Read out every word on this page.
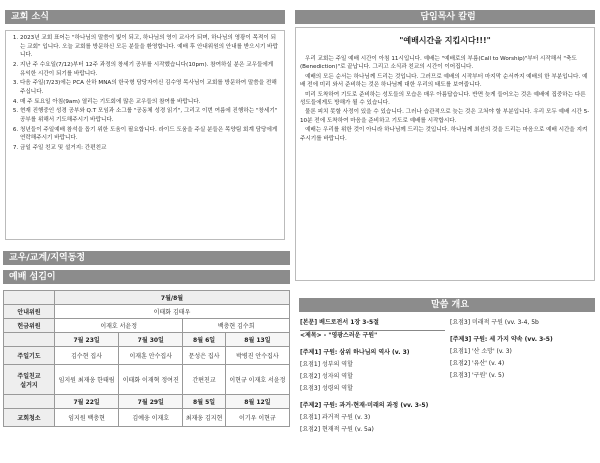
교회 소식
1. 2023년 교회 표어는 "하나님의 말씀이 빛이 되고, 하나님의 영이 교사가 되며, 하나님의 영광이 목적이 되는 교회" 입니다. 오늘 교회를 방문하신 모든 분들을 환영합니다. 예배 후 안내위원의 안내를 받으시기 바랍니다.
2. 지난 주 수요일(7/12)부터 12주 과정의 창세기 공부를 시작했습니다(10pm). 참여하실 분은 교우들에게 유익한 시간이 되기를 바랍니다.
3. 다음 주일(7/23)에는 PCA 산하 MNA의 한국형 담당자이신 김수영 목사님이 교회를 방문하여 말씀을 전해주십니다.
4. 매 주 토요일 아침(9am) 열리는 기도회에 많은 교우들의 참여를 바랍니다.
5. 현재 진행중인 성경 공부와 Q.T 모임과 소그룹 "공동체 성경 읽기", 그리고 이번 여름에 진행하는 "창세기" 공부를 위해서 기도해주시기 바랍니다.
6. 청년들이 주일예배 참석을 돕기 위한 도움이 필요합니다. 라이드 도움을 주실 분들은 목양팀 회계 담당에게 연락해주시기 바랍니다.
7. 금일 주일 친교 및 설거지: 간편친교
담임목사 칼럼
"예배시간을 지킵시다!!!"

우리 교회는 주일 예배 시간이 아침 11시입니다. 예배는 "예배로의 부름(Call to Worship)"부터 시작해서 "축도(Benediction)"로 끝납니다. 그리고 소식과 친교의 시간이 이어집니다.

예배의 모든 순서는 하나님께 드리는 것입니다. 그러므로 예배의 시작부터 마지막 순서까지 예배의 한 부분입니다. 예배 전에 미리 와서 준비하는 것은 하나님께 대한 우리의 태도를 보여줍니다.

미리 도착하여 기도로 준비하는 성도들의 모습은 매우 아름답습니다. 반면 늦게 들어오는 것은 예배에 집중하는 다른 성도들에게도 방해가 될 수 있습니다.

물론 피치 못할 사정이 있을 수 있습니다. 그러나 습관적으로 늦는 것은 고쳐야 할 부분입니다. 우리 모두 예배 시간 5-10분 전에 도착하여 마음을 준비하고 기도로 예배를 시작합시다.

예배는 우리를 위한 것이 아니라 하나님께 드리는 것입니다. 하나님께 최선의 것을 드리는 마음으로 예배 시간을 지켜주시기를 바랍니다.

교우/교계/지역동정
예배 섬김이
	7월/8월			
안내위원	이태화 김태우			
헌금위원	이재호 서윤정		백충현 김수희	
	7월 23일	7월 30일	8월 6일	8월 13일
주일기도	김수현 집사	이재훈 안수집사	문성은 집사	박병진 안수집사
주일친교
설거지	임지원 최재웅 한태림	이태화 이재혁 정여진	간편친교	이현규 이재호 서윤정
	7월 22일	7월 29일	8월 5일	8월 12일
교회청소	임지원 백충현	김예웅 이재호	최재웅 김지현	이기우 이현규
말씀 개요
[본문] 베드로전서 1장 3-5절
<제목> - "영광스러운 구원"
[주제1] 구원: 삼위 하나님의 역사 (v. 3)
[요점1] 성부의 역할
[요점2] 성자의 역할
[요점3] 성령의 역할
[주제2] 구원: 과거·현재·미래의 과정 (vv. 3-5)
[요점1] 과거적 구원 (v. 3)
[요점2] 현재적 구원 (v. 5a)
[요점3] 미래적 구원 (vv. 3-4, 5b
[주제3] 구원: 세 가지 약속 (vv. 3-5)
[요점1] '산 소망' (v. 3)
[요점2] '유산' (v. 4)
[요점3] '구원' (v. 5)
